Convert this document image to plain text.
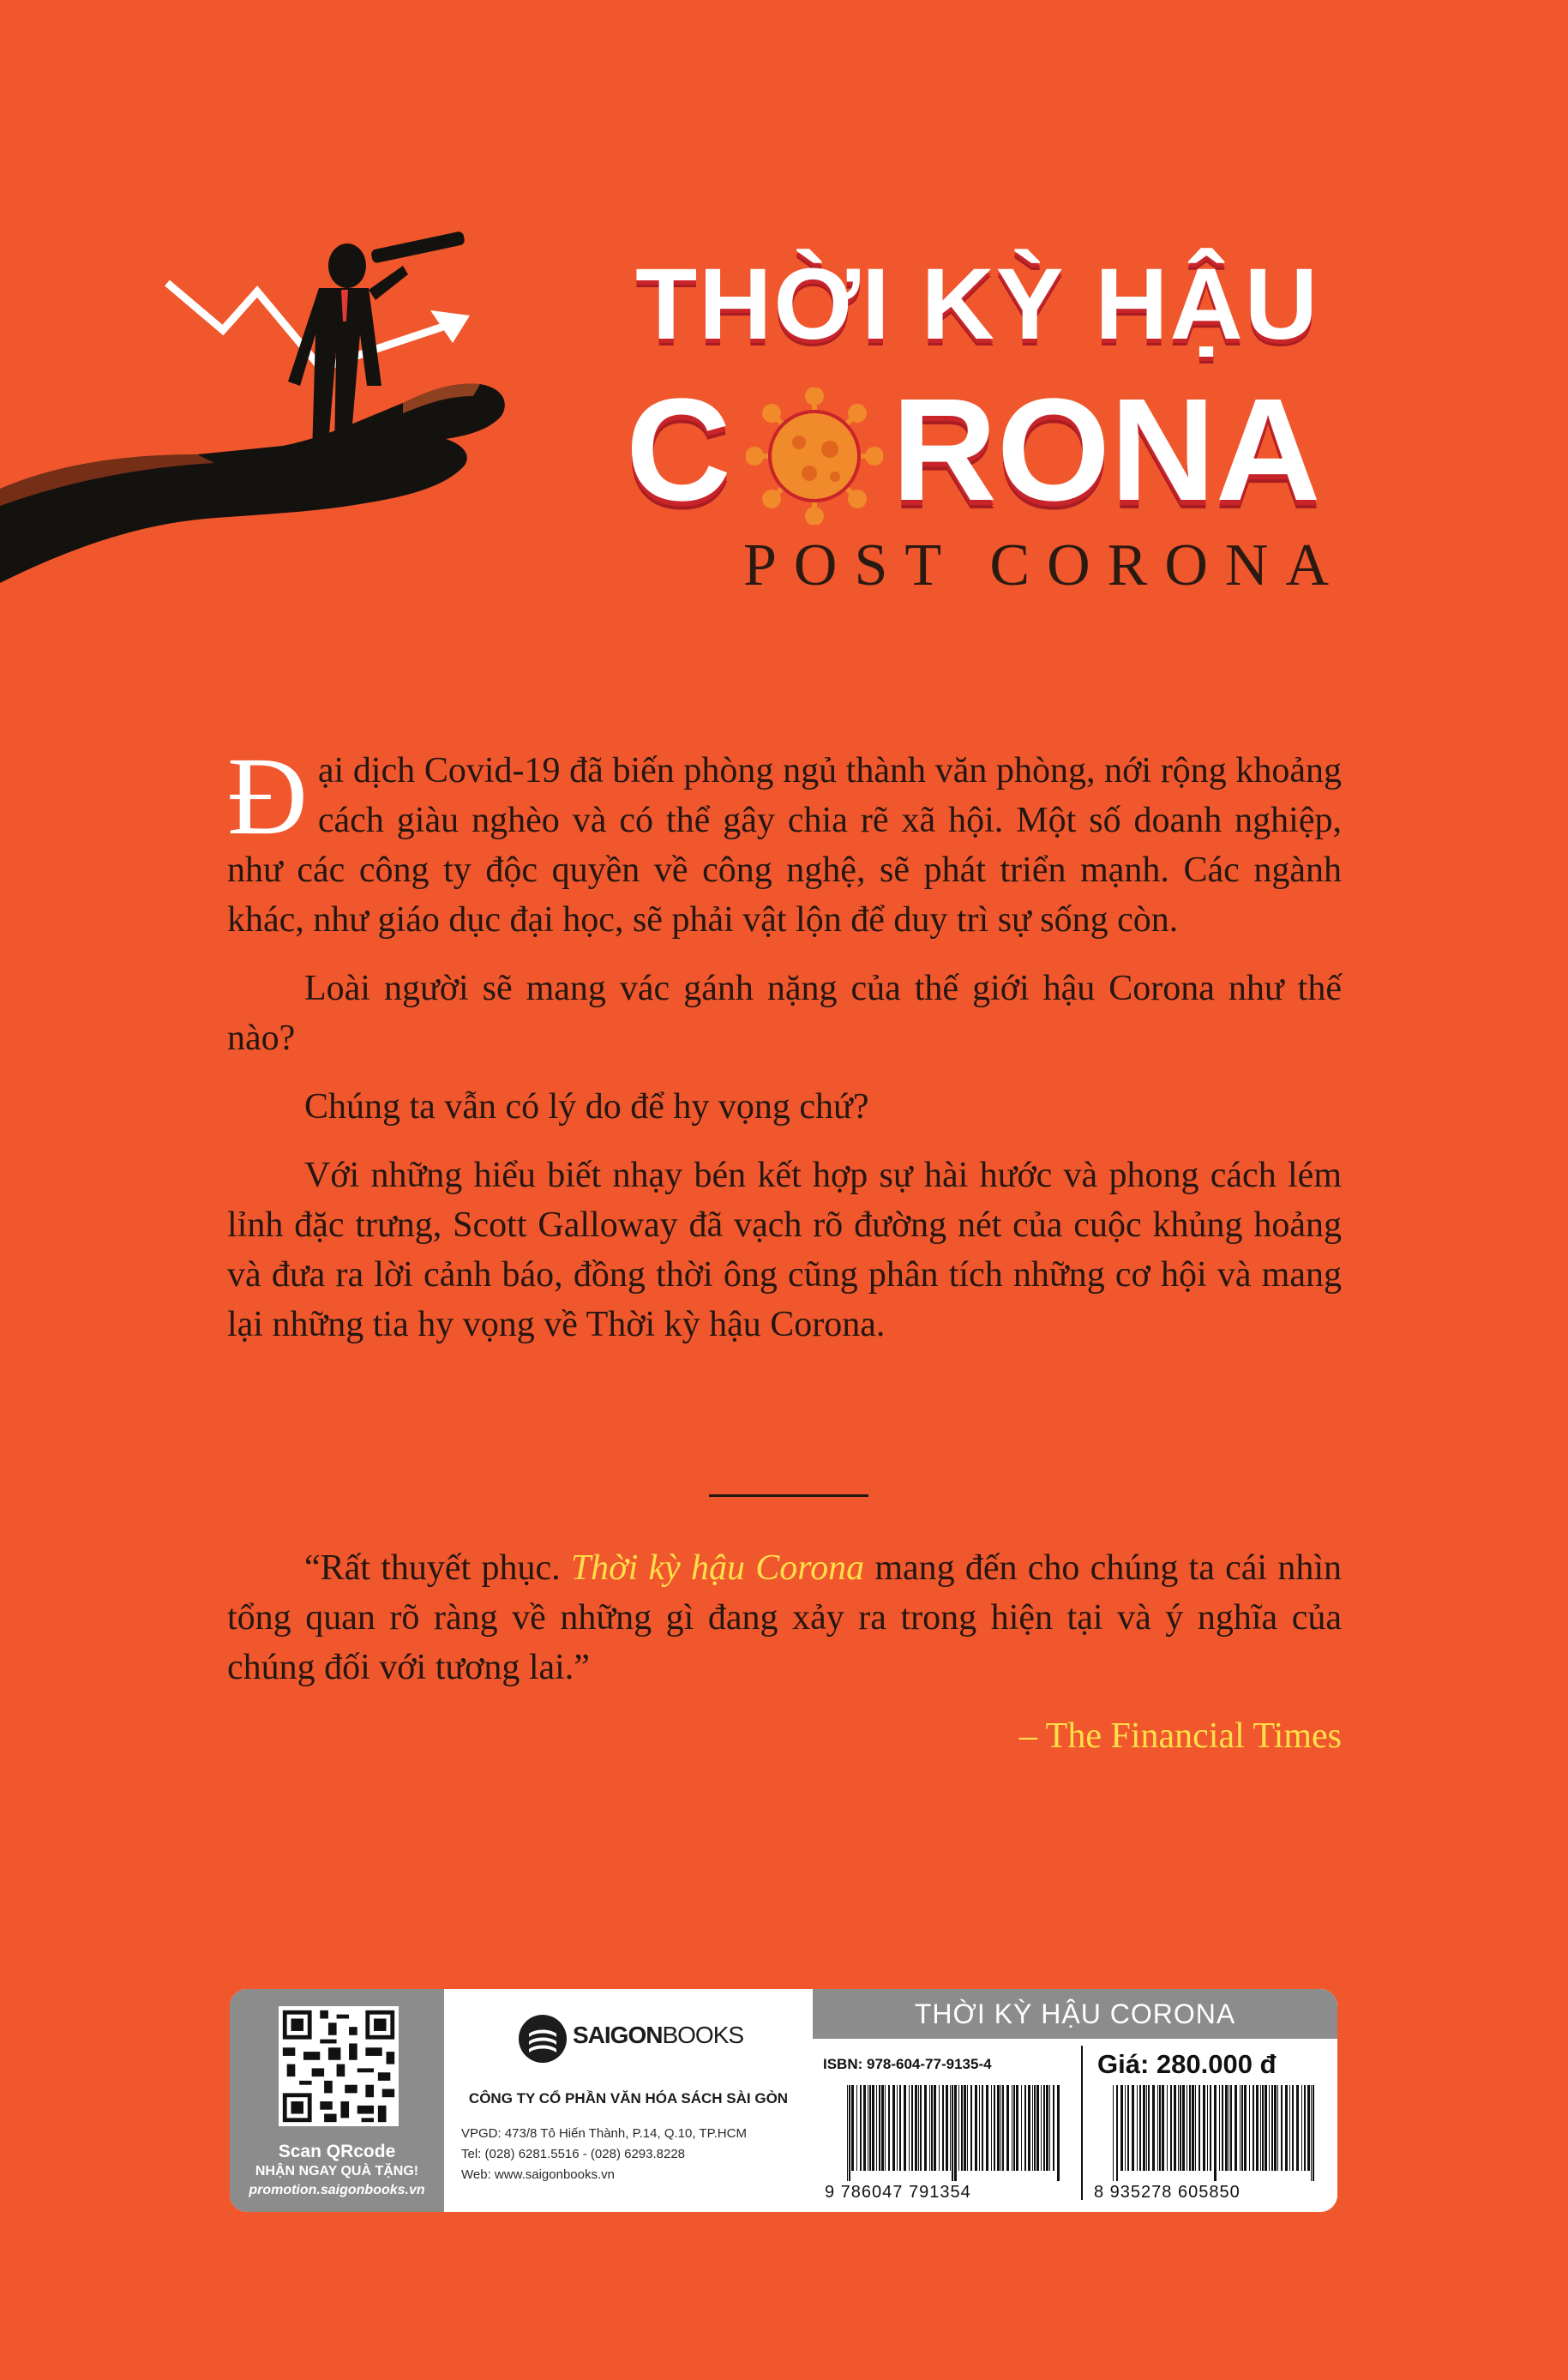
THỜI KỲ HẬU
C RONA

POST CORONA

Đại dịch Covid-19 đã biến phòng ngủ thành văn phòng, nới rộng khoảng cách giàu nghèo và có thể gây chia rẽ xã hội. Một số doanh nghiệp, như các công ty độc quyền về công nghệ, sẽ phát triển mạnh. Các ngành khác, như giáo dục đại học, sẽ phải vật lộn để duy trì sự sống còn.

Loài người sẽ mang vác gánh nặng của thế giới hậu Corona như thế nào?

Chúng ta vẫn có lý do để hy vọng chứ?

Với những hiểu biết nhạy bén kết hợp sự hài hước và phong cách lém lỉnh đặc trưng, Scott Galloway đã vạch rõ đường nét của cuộc khủng hoảng và đưa ra lời cảnh báo, đồng thời ông cũng phân tích những cơ hội và mang lại những tia hy vọng về Thời kỳ hậu Corona.

“Rất thuyết phục. Thời kỳ hậu Corona mang đến cho chúng ta cái nhìn tổng quan rõ ràng về những gì đang xảy ra trong hiện tại và ý nghĩa của chúng đối với tương lai.”

– The Financial Times

Scan QRcode

NHẬN NGAY QUÀ TẶNG!

promotion.saigonbooks.vn

SAIGONBOOKS

CÔNG TY CỔ PHẦN VĂN HÓA SÁCH SÀI GÒN

VPGD: 473/8 Tô Hiến Thành, P.14, Q.10, TP.HCM

Tel: (028) 6281.5516 - (028) 6293.8228

Web: www.saigonbooks.vn

THỜI KỲ HẬU CORONA

ISBN: 978-604-77-9135-4	Giá: 280.000 đ

9 786047 791354	8 935278 605850
